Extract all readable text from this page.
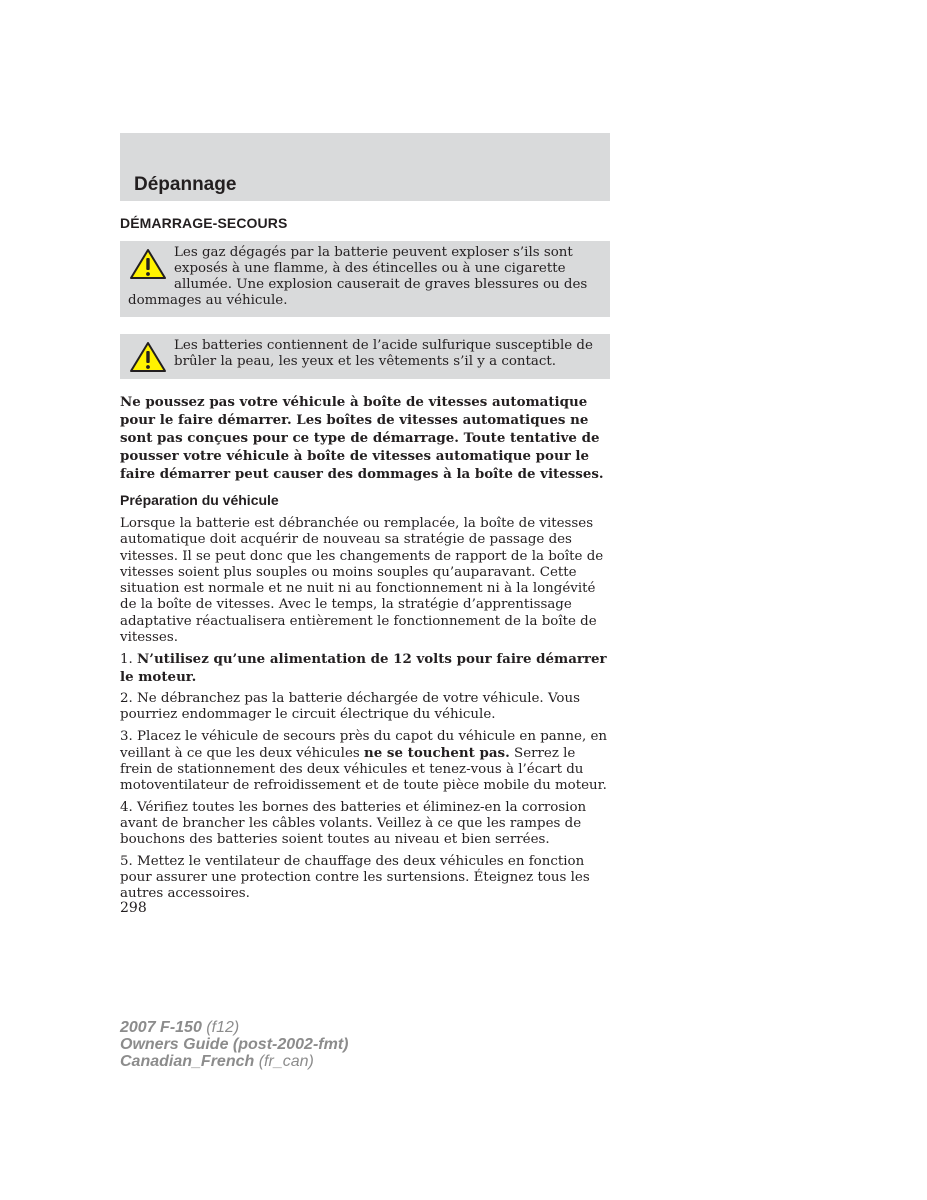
Dépannage
DÉMARRAGE-SECOURS
Les gaz dégagés par la batterie peuvent exploser s’ils sont exposés à une flamme, à des étincelles ou à une cigarette allumée. Une explosion causerait de graves blessures ou des dommages au véhicule.
Les batteries contiennent de l’acide sulfurique susceptible de brûler la peau, les yeux et les vêtements s’il y a contact.
Ne poussez pas votre véhicule à boîte de vitesses automatique pour le faire démarrer. Les boîtes de vitesses automatiques ne sont pas conçues pour ce type de démarrage. Toute tentative de pousser votre véhicule à boîte de vitesses automatique pour le faire démarrer peut causer des dommages à la boîte de vitesses.
Préparation du véhicule

Lorsque la batterie est débranchée ou remplacée, la boîte de vitesses automatique doit acquérir de nouveau sa stratégie de passage des vitesses. Il se peut donc que les changements de rapport de la boîte de vitesses soient plus souples ou moins souples qu’auparavant. Cette situation est normale et ne nuit ni au fonctionnement ni à la longévité de la boîte de vitesses. Avec le temps, la stratégie d’apprentissage adaptative réactualisera entièrement le fonctionnement de la boîte de vitesses.

1. N’utilisez qu’une alimentation de 12 volts pour faire démarrer le moteur.

2. Ne débranchez pas la batterie déchargée de votre véhicule. Vous pourriez endommager le circuit électrique du véhicule.

3. Placez le véhicule de secours près du capot du véhicule en panne, en veillant à ce que les deux véhicules ne se touchent pas. Serrez le frein de stationnement des deux véhicules et tenez-vous à l’écart du motoventilateur de refroidissement et de toute pièce mobile du moteur.

4. Vérifiez toutes les bornes des batteries et éliminez-en la corrosion avant de brancher les câbles volants. Veillez à ce que les rampes de bouchons des batteries soient toutes au niveau et bien serrées.

5. Mettez le ventilateur de chauffage des deux véhicules en fonction pour assurer une protection contre les surtensions. Éteignez tous les autres accessoires.

298
2007 F-150 (f12)
Owners Guide (post-2002-fmt)
Canadian_French (fr_can)
